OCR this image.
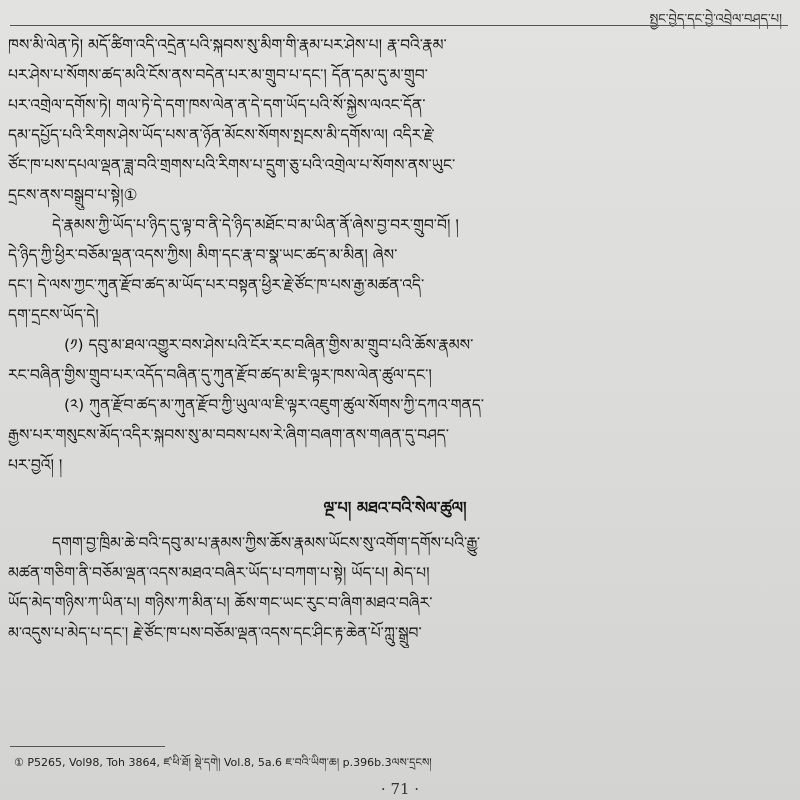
སྤྱང་བྱེད་དང་བྱེ་འབྲེལ་བཤད་པ།
ཁས་མི་ལེན་ཏེ། མདོ་ཚིག་འདི་འདྲེན་པའི་སྐབས་སུ་མིག་གི་རྣམ་པར་ཤེས་པ། རྣ་བའི་རྣམ་
པར་ཤེས་པ་སོགས་ཚད་མའི་ངོས་ནས་བདེན་པར་མ་གྲུབ་པ་དང་། དོན་དམ་དུ་མ་གྲུབ་
པར་འགྲེལ་དགོས་ཏེ། གལ་ཏེ་དེ་དག་ཁས་ལེན་ན་དེ་དག་ཡོད་པའི་སོ་སྐྱེས་ལའང་དོན་
དམ་དཔྱོད་པའི་རིགས་ཤེས་ཡོད་པས་ན་ཉོན་མོངས་སོགས་སྤངས་མི་དགོས་ལ། འདིར་རྗེ་
ཙོང་ཁ་པས་དཔལ་ལྡན་ཟླ་བའི་གྲགས་པའི་རིགས་པ་དྲུག་ཅུ་པའི་འགྲེལ་པ་སོགས་ནས་ཡུང་
དྲངས་ནས་བསྒྲུབ་པ་སྟེ།①
དེ་རྣམས་ཀྱི་ཡོད་པ་ཉིད་དུ་ལྟ་བ་ནི་དེ་ཉིད་མཐོང་བ་མ་ཡིན་ནོ་ཞེས་བྱ་བར་གྲུབ་བོ། །
དེ་ཉིད་ཀྱི་ཕྱིར་བཅོམ་ལྡན་འདས་ཀྱིས། མིག་དང་རྣ་བ་སྣ་ཡང་ཚད་མ་མིན། ཞེས་
དང་། དེ་ལས་ཀྱང་ཀུན་རྫོབ་ཚད་མ་ཡོད་པར་བསྟན་ཕྱིར་རྗེ་ཙོང་ཁ་པས་རྒྱ་མཚན་འདི་
དག་དྲངས་ཡོད་དེ།
(༡) དབུ་མ་ཐལ་འགྱུར་བས་ཤེས་པའི་ངོར་རང་བཞིན་གྱིས་མ་གྲུབ་པའི་ཆོས་རྣམས་
རང་བཞིན་གྱིས་གྲུབ་པར་འདོད་བཞིན་དུ་ཀུན་རྫོབ་ཚད་མ་ཇི་ལྟར་ཁས་ལེན་ཚུལ་དང་།
(༢) ཀུན་རྫོབ་ཚད་མ་ཀུན་རྫོབ་ཀྱི་ཡུལ་ལ་ཇི་ལྟར་འཇུག་ཚུལ་སོགས་ཀྱི་དཀའ་གནད་
རྒྱས་པར་གསུངས་མོད་འདིར་སྐབས་སུ་མ་བབས་པས་རེ་ཞིག་བཞག་ནས་གཞན་དུ་བཤད་
པར་བྱའོ། །
ལྔ་པ། མཐའ་བའི་སེལ་ཚུལ།
དགག་བྱ་ཁྲིམ་ཆེ་བའི་དབུ་མ་པ་རྣམས་ཀྱིས་ཆོས་རྣམས་ཡོངས་སུ་འགོག་དགོས་པའི་རྒྱུ་
མཚན་གཅིག་ནི་བཅོམ་ལྡན་འདས་མཐའ་བཞིར་ཡོད་པ་བཀག་པ་སྟེ། ཡོད་པ། མེད་པ།
ཡོད་མེད་གཉིས་ཀ་ཡིན་པ། གཉིས་ཀ་མིན་པ། ཆོས་གང་ཡང་རུང་བ་ཞིག་མཐའ་བཞིར་
མ་འདུས་པ་མེད་པ་དང་། རྗེ་ཙོང་ཁ་པས་བཅོམ་ལྡན་འདས་དང་ཤིང་རྟ་ཆེན་པོ་ཀླུ་སྒྲུབ་
① P5265, Vol98, Toh 3864, ཛ་ཕི་ཐོ། སྡེ་དགེ། Vol.8, 5a.6 ཇ་བའི་ཡིག་ཆ། p.396b.3ལས་དྲངས།
· 71 ·
